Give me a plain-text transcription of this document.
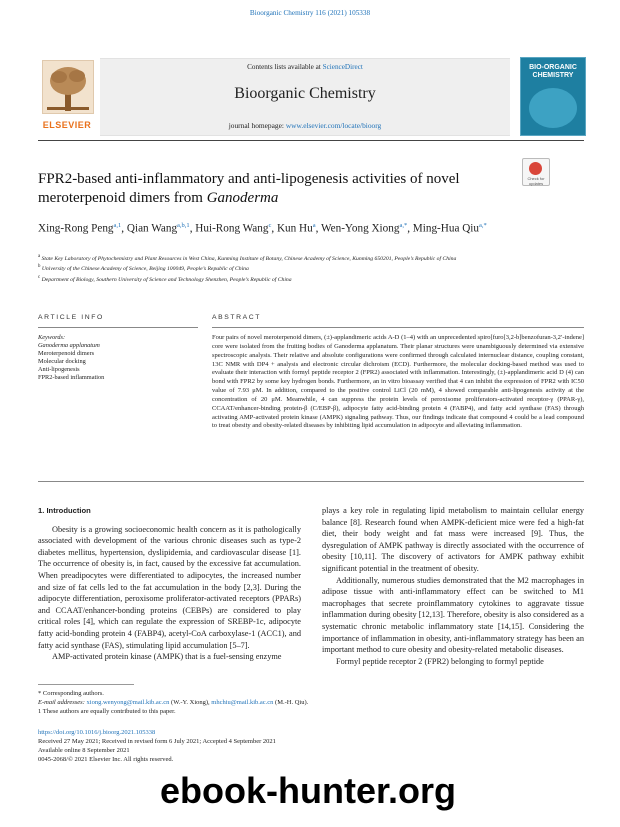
Bioorganic Chemistry 116 (2021) 105338
ELSEVIER
Contents lists available at ScienceDirect
Bioorganic Chemistry
journal homepage: www.elsevier.com/locate/bioorg
BIO-ORGANIC CHEMISTRY
FPR2-based anti-inflammatory and anti-lipogenesis activities of novel meroterpenoid dimers from Ganoderma
Check for updates
Xing-Rong Peng$^{a,1}$, Qian Wang$^{a,b,1}$, Hui-Rong Wang$^c$, Kun Hu$^a$, Wen-Yong Xiong$^{a,*}$, Ming-Hua Qiu$^{a,*}$
$^a$ State Key Laboratory of Phytochemistry and Plant Resources in West China, Kunming Institute of Botany, Chinese Academy of Science, Kunming 650201, People’s Republic of China
$^b$ University of the Chinese Academy of Science, Beijing 100049, People’s Republic of China
$^c$ Department of Biology, Southern University of Science and Technology Shenzhen, People’s Republic of China
ARTICLE INFO	ABSTRACT
Keywords:
Ganoderma applanatum
Meroterpenoid dimers
Molecular docking
Anti-lipogenesis
FPR2-based inflammation
Four pairs of novel meroterpenoid dimers, (±)-applandimeric acids A-D (1–4) with an unprecedented spiro[furo[3,2-b]benzofuran-3,2′-indene] core were isolated from the fruiting bodies of Ganoderma applanatum. Their planar structures were unambiguously determined via extensive spectroscopic analysis. Their relative and absolute configurations were confirmed through calculated internuclear distance, coupling constant, 13C NMR with DP4 + analysis and electronic circular dichroism (ECD). Furthermore, the molecular docking-based method was used to evaluate their interaction with formyl peptide receptor 2 (FPR2) associated with inflammation. Interestingly, (±)-applandimeric acid D (4) can bond with FPR2 by some key hydrogen bonds. Furthermore, an in vitro bioassay verified that 4 can inhibit the expression of FPR2 with IC50 value of 7.93 μM. In addition, compared to the positive control LiCl (20 mM), 4 showed comparable anti-lipogenesis activity at the concentration of 20 μM. Meanwhile, 4 can suppress the protein levels of peroxisome proliferators-activated receptor-γ (PPAR-γ), CCAAT/enhancer-binding protein-β (C/EBP-β), adipocyte fatty acid-binding protein 4 (FABP4), and fatty acid synthase (FAS) through activating AMP-activated protein kinase (AMPK) signaling pathway. Thus, our findings indicate that compound 4 could be a lead compound to treat obesity and obesity-related diseases by inhibiting lipid accumulation in adipocyte and alleviating inflammation.
1. Introduction

Obesity is a growing socioeconomic health concern as it is pathologically associated with development of the various chronic diseases such as type-2 diabetes mellitus, hypertension, dyslipidemia, and cardiovascular disease [1]. The occurrence of obesity is, in fact, caused by the excessive fat accumulation. When preadipocytes were differentiated to adipocytes, the increased number and size of fat cells led to the fat accumulation in the body [2,3]. During the adipocyte differentiation, peroxisome proliferator-activated receptors (PPARs) and CCAAT/enhancer-bonding proteins (CEBPs) are considered to play critical roles [4], which can regulate the expression of SREBP-1c, adipocyte fatty acid-bonding protein 4 (FABP4), acetyl-CoA carboxylase-1 (ACC1), and fatty acid synthase (FAS), stimulating lipid accumulation [5–7].

AMP-activated protein kinase (AMPK) that is a fuel-sensing enzyme

plays a key role in regulating lipid metabolism to maintain cellular energy balance [8]. Research found when AMPK-deficient mice were fed a high-fat diet, their body weight and fat mass were increased [9]. Thus, the dysregulation of AMPK pathway is directly associated with the occurrence of obesity [10,11]. The discovery of activators for AMPK pathway exhibit significant potential in the treatment of obesity.

Additionally, numerous studies demonstrated that the M2 macrophages in adipose tissue with anti-inflammatory effect can be switched to M1 macrophages that secrete proinflammatory cytokines to aggravate tissue inflammation during obesity [12,13]. Therefore, obesity is also considered as a systematic chronic metabolic inflammatory state [14,15]. Considering the importance of inflammation in obesity, anti-inflammatory strategy has been an important method to cure obesity and obesity-related metabolic diseases.

Formyl peptide receptor 2 (FPR2) belonging to formyl peptide

* Corresponding authors.
E-mail addresses: xiong.wenyong@mail.kib.ac.cn (W.-Y. Xiong), mhchiu@mail.kib.ac.cn (M.-H. Qiu).
1 These authors are equally contributed to this paper.
https://doi.org/10.1016/j.bioorg.2021.105338
Received 27 May 2021; Received in revised form 6 July 2021; Accepted 4 September 2021
Available online 8 September 2021
0045-2068/© 2021 Elsevier Inc. All rights reserved.
ebook-hunter.org
